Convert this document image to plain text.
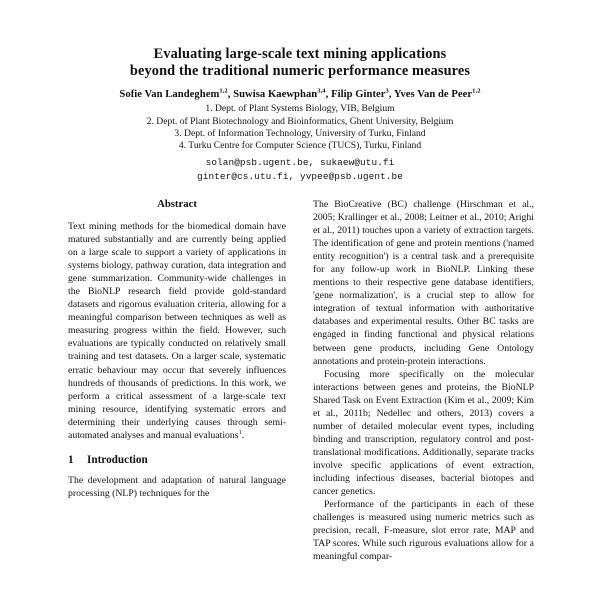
Evaluating large-scale text mining applications
beyond the traditional numeric performance measures
Sofie Van Landeghem$^{1,2}$, Suwisa Kaewphan$^{3,4}$, Filip Ginter$^3$, Yves Van de Peer$^{1,2}$
1. Dept. of Plant Systems Biology, VIB, Belgium
2. Dept. of Plant Biotechnology and Bioinformatics, Ghent University, Belgium
3. Dept. of Information Technology, University of Turku, Finland
4. Turku Centre for Computer Science (TUCS), Turku, Finland
solan@psb.ugent.be, sukaew@utu.fi
ginter@cs.utu.fi, yvpee@psb.ugent.be
Abstract

Text mining methods for the biomedical domain have matured substantially and are currently being applied on a large scale to support a variety of applications in systems biology, pathway curation, data integration and gene summarization. Community-wide challenges in the BioNLP research field provide gold-standard datasets and rigorous evaluation criteria, allowing for a meaningful comparison between techniques as well as measuring progress within the field. However, such evaluations are typically conducted on relatively small training and test datasets. On a larger scale, systematic erratic behaviour may occur that severely influences hundreds of thousands of predictions. In this work, we perform a critical assessment of a large-scale text mining resource, identifying systematic errors and determining their underlying causes through semi-automated analyses and manual evaluations$^1$.

1 Introduction

The development and adaptation of natural language processing (NLP) techniques for the

The BioCreative (BC) challenge (Hirschman et al., 2005; Krallinger et al., 2008; Leitner et al., 2010; Arighi et al., 2011) touches upon a variety of extraction targets. The identification of gene and protein mentions ('named entity recognition') is a central task and a prerequisite for any follow-up work in BioNLP. Linking these mentions to their respective gene database identifiers, 'gene normalization', is a crucial step to allow for integration of textual information with authoritative databases and experimental results. Other BC tasks are engaged in finding functional and physical relations between gene products, including Gene Ontology annotations and protein-protein interactions.

Focusing more specifically on the molecular interactions between genes and proteins, the BioNLP Shared Task on Event Extraction (Kim et al., 2009; Kim et al., 2011b; Nedellec and others, 2013) covers a number of detailed molecular event types, including binding and transcription, regulatory control and post-translational modifications. Additionally, separate tracks involve specific applications of event extraction, including infectious diseases, bacterial biotopes and cancer genetics.

Performance of the participants in each of these challenges is measured using numeric metrics such as precision, recall, F-measure, slot error rate, MAP and TAP scores. While such rigurous evaluations allow for a meaningful compar-
